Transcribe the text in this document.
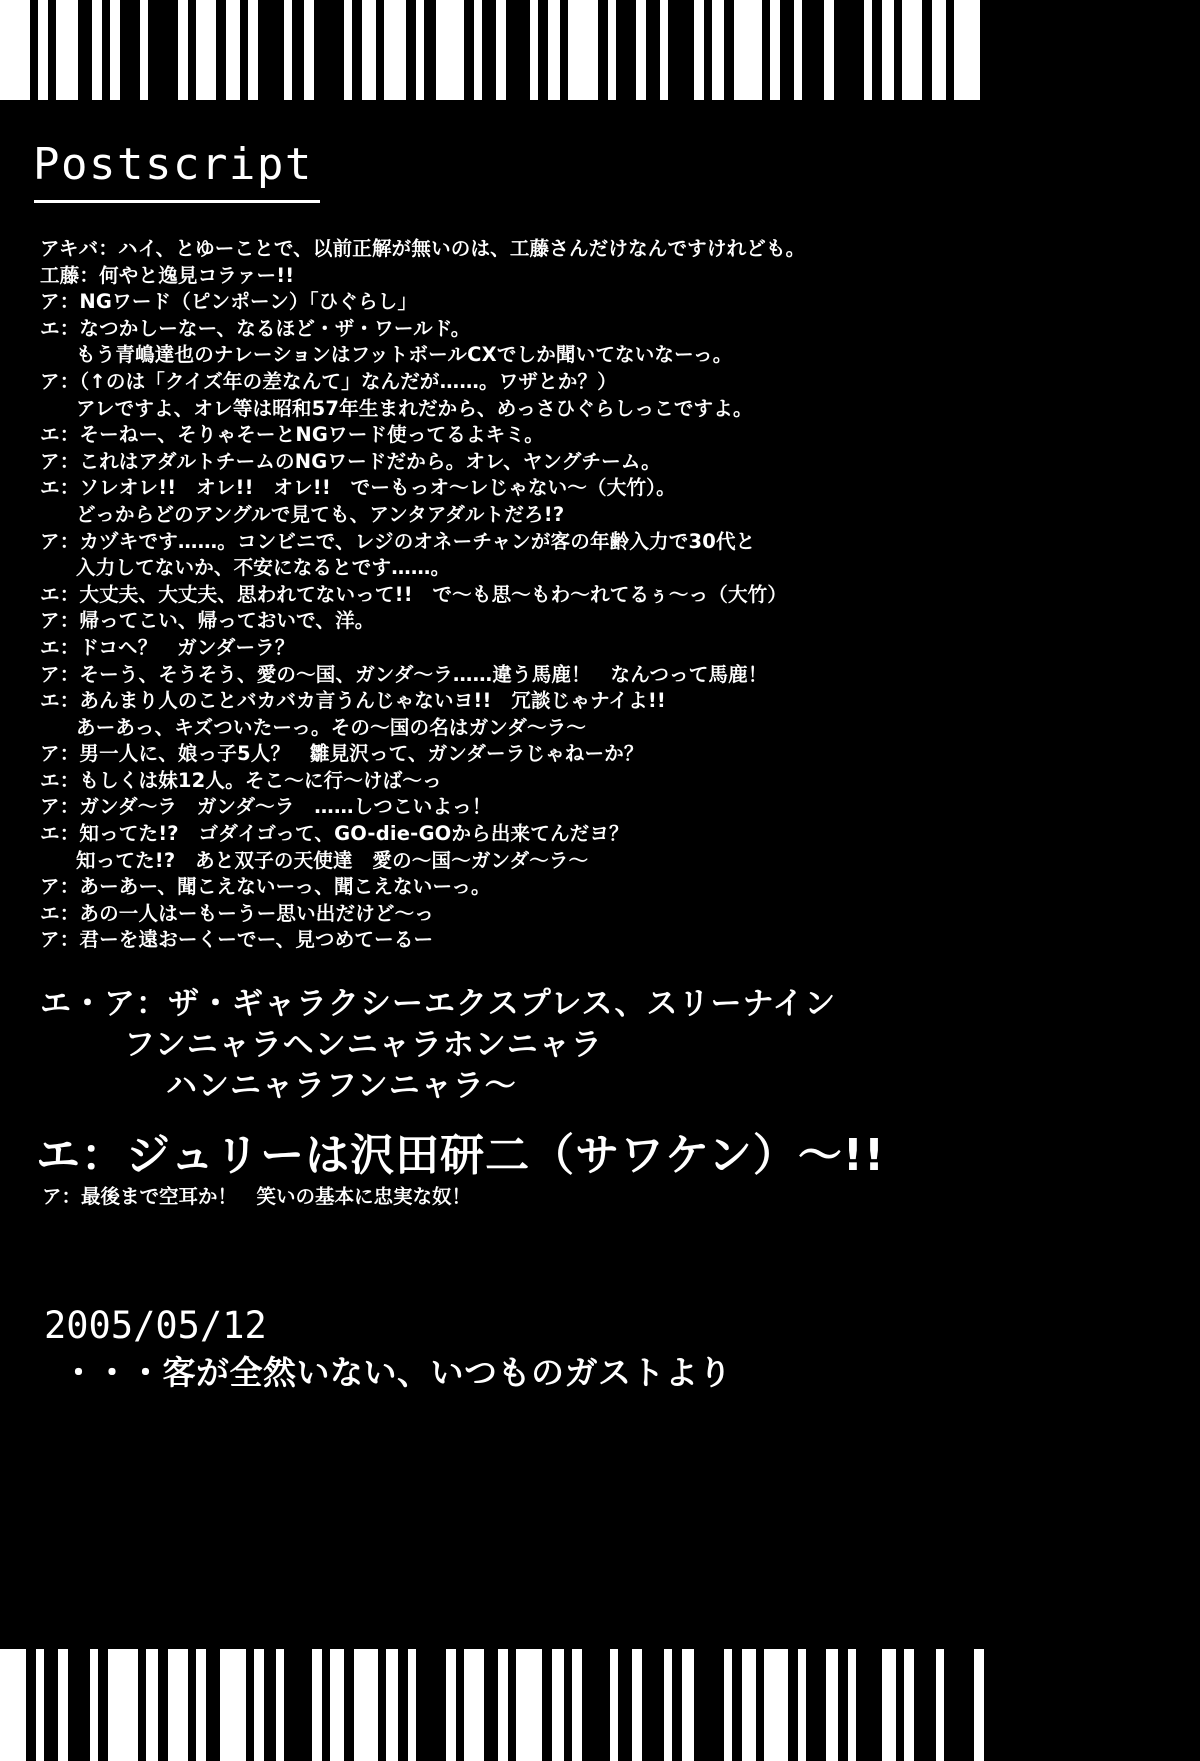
Postscript
アキバ：ハイ、とゆーことで、以前正解が無いのは、工藤さんだけなんですけれども。
工藤：何やと逸見コラァー!!
ア：NGワード（ピンポーン）「ひぐらし」
エ：なつかしーなー、なるほど・ザ・ワールド。
もう青嶋達也のナレーションはフットボールCXでしか聞いてないなーっ。
ア：（↑のは「クイズ年の差なんて」なんだが……。ワザとか？）
アレですよ、オレ等は昭和57年生まれだから、めっさひぐらしっこですよ。
エ：そーねー、そりゃそーとNGワード使ってるよキミ。
ア：これはアダルトチームのNGワードだから。オレ、ヤングチーム。
エ：ソレオレ!!　オレ!!　オレ!!　でーもっオ〜レじゃない〜（大竹）。
どっからどのアングルで見ても、アンタアダルトだろ!?
ア：カヅキです……。コンビニで、レジのオネーチャンが客の年齢入力で30代と
入力してないか、不安になるとです……。
エ：大丈夫、大丈夫、思われてないって!!　で〜も思〜もわ〜れてるぅ〜っ（大竹）
ア：帰ってこい、帰っておいで、洋。
エ：ドコヘ？　ガンダーラ？
ア：そーう、そうそう、愛の〜国、ガンダ〜ラ……違う馬鹿！　なんつって馬鹿！
エ：あんまり人のことバカバカ言うんじゃないヨ!!　冗談じゃナイよ!!
あーあっ、キズついたーっ。その〜国の名はガンダ〜ラ〜
ア：男一人に、娘っ子5人？　雛見沢って、ガンダーラじゃねーか？
エ：もしくは妹12人。そこ〜に行〜けば〜っ
ア：ガンダ〜ラ　ガンダ〜ラ　……しつこいよっ！
エ：知ってた!?　ゴダイゴって、GO-die-GOから出来てんだヨ？
知ってた!?　あと双子の天使達　愛の〜国〜ガンダ〜ラ〜
ア：あーあー、聞こえないーっ、聞こえないーっ。
エ：あの一人はーもーうー思い出だけど〜っ
ア：君ーを遠おーくーでー、見つめてーるー
エ・ア：ザ・ギャラクシーエクスプレス、スリーナイン
フンニャラヘンニャラホンニャラ
ハンニャラフンニャラ〜
エ：ジュリーは沢田研二（サワケン）〜!!
ア：最後まで空耳か！　笑いの基本に忠実な奴！
2005/05/12
・・・客が全然いない、いつものガストより
